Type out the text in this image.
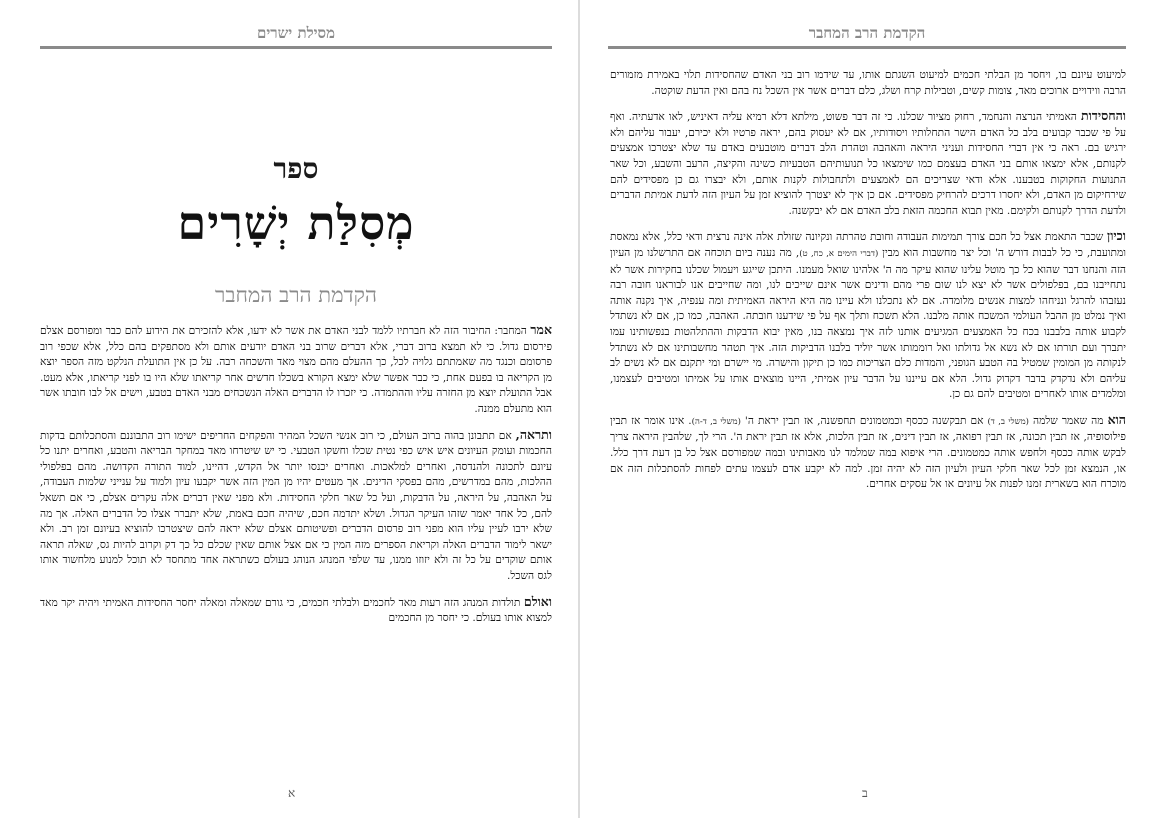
מסילת ישרים
ספר
מְסִלַּת יְשָׁרִים
הקדמת הרב המחבר

אמר המחבר: החיבור הזה לא חברתיו ללמד לבני האדם את אשר לא ידעו, אלא להזכירם את הידוע להם כבר ומפורסם אצלם פירסום גדול. כי לא תמצא ברוב דברי, אלא דברים שרוב בני האדם יודעים אותם ולא מסתפקים בהם כלל, אלא שכפי רוב פרסומם וכנגד מה שאמתתם גלויה לכל, כך ההעלם מהם מצוי מאד והשכחה רבה. על כן אין התועלת הנלקט מזה הספר יוצא מן הקריאה בו בפעם אחת, כי כבר אפשר שלא ימצא הקורא בשכלו חדשים אחר קריאתו שלא היו בו לפני קריאתו, אלא מעט. אבל התועלת יוצא מן החזרה עליו וההתמדה. כי יזכרו לו הדברים האלה הנשכחים מבני האדם בטבע, וישים אל לבו חובתו אשר הוא מתעלם ממנה.

ותראה, אם תתבונן בהוה ברוב העולם, כי רוב אנשי השכל המהיר והפקחים החריפים ישימו רוב התבוננם והסתכלותם בדקות החכמות ועומק העיונים איש איש כפי נטית שכלו וחשקו הטבעי. כי יש שיטרחו מאד במחקר הבריאה והטבע, ואחרים יתנו כל עיונם לתכונה ולהנדסה, ואחרים למלאכות. ואחרים יכנסו יותר אל הקדש, דהיינו, למוד התורה הקדושה. מהם בפלפולי ההלכות, מהם במדרשים, מהם בפסקי הדינים. אך מעטים יהיו מן המין הזה אשר יקבעו עיון ולמוד על ענייני שלמות העבודה, על האהבה, על היראה, על הדבקות, ועל כל שאר חלקי החסידות. ולא מפני שאין דברים אלה עקרים אצלם, כי אם תשאל להם, כל אחד יאמר שזהו העיקר הגדול. ושלא יתדמה חכם, שיהיה חכם באמת, שלא יתברר אצלו כל הדברים האלה. אך מה שלא ירבו לעיין עליו הוא מפני רוב פרסום הדברים ופשיטותם אצלם שלא יראה להם שיצטרכו להוציא בעיונם זמן רב. ולא ישאר לימוד הדברים האלה וקריאת הספרים מזה המין כי אם אצל אותם שאין שכלם כל כך דק וקרוב להיות גס, שאלה תראה אותם שוקדים על כל זה ולא יזוזו ממנו, עד שלפי המנהג הנוהג בעולם כשתראה אחד מתחסד לא תוכל למנוע מלחשוד אותו לגס השכל.

ואולם תולדות המנהג הזה רעות מאד לחכמים ולבלתי חכמים, כי גורם שמאלה ומאלה יחסר החסידות האמיתי ויהיה יקר מאד למצוא אותו בעולם. כי יחסר מן החכמים

א
הקדמת הרב המחבר

למיעוט עיונם בו, ויחסר מן הבלתי חכמים למיעוט השגתם אותו, עד שידמו רוב בני האדם שהחסידות תלוי באמירת מזמורים הרבה ווידויים ארוכים מאד, צומות קשים, וטבילות קרח ושלג, כלם דברים אשר אין השכל נח בהם ואין הדעת שוקטה.

והחסידות האמיתי הנרצה והנחמד, רחוק מציור שכלנו. כי זה דבר פשוט, מילתא דלא רמיא עליה דאיניש, לאו אדעתיה. ואף על פי שכבר קבועים בלב כל האדם הישר התחלותיו ויסודותיו, אם לא יעסוק בהם, יראה פרטיו ולא יכירם, יעבור עליהם ולא ירגיש בם. ראה כי אין דברי החסידות ועניני היראה והאהבה וטהרת הלב דברים מוטבעים באדם עד שלא יצטרכו אמצעים לקנותם, אלא ימצאו אותם בני האדם בעצמם כמו שימצאו כל תנועותיהם הטבעיות כשינה והקיצה, הרעב והשבע, וכל שאר התנועות החקוקות בטבענו. אלא ודאי שצריכים הם לאמצעים ולתחבולות לקנות אותם, ולא יבצרו גם כן מפסידים להם שירחיקום מן האדם, ולא יחסרו דרכים להרחיק מפסידים. אם כן איך לא יצטרך להוציא זמן על העיון הזה לדעת אמיתת הדברים ולדעת הדרך לקנותם ולקימם. מאין תבוא החכמה הזאת בלב האדם אם לא יבקשנה.

וכיון שכבר התאמת אצל כל חכם צורך תמימות העבודה וחובת טהרתה ונקיונה שזולת אלה אינה נרצית ודאי כלל, אלא נמאסת ומתועבת, כי כל לבבות דורש ה' וכל יצר מחשבות הוא מבין (דברי הימים א, כח, ט), מה נענה ביום תוכחה אם התרשלנו מן העיון הזה והנחנו דבר שהוא כל כך מוטל עלינו שהוא עיקר מה ה' אלהינו שואל מעמנו. היתכן שייגע ויעמול שכלנו בחקירות אשר לא נתחייבנו בם, בפלפולים אשר לא יצא לנו שום פרי מהם ודינים אשר אינם שייכים לנו, ומה שחייבים אנו לבוראנו חובה רבה נעזבהו להרגל ונניחהו למצות אנשים מלומדה. אם לא נתכלנו ולא עיינו מה היא היראה האמיתית ומה ענפיה, איך נקנה אותה ואיך נמלט מן ההבל העולמי המשכח אותה מלבנו. הלא תשכח ותלך אף על פי שידענו חובתה. האהבה, כמו כן, אם לא נשתדל לקבוע אותה בלבבנו בכח כל האמצעים המגיעים אותנו לזה איך נמצאה בנו, מאין יבוא הדבקות וההתלהטות בנפשותינו עמו יתברך ועם תורתו אם לא נשא אל גדולתו ואל רוממותו אשר יוליד בלבנו הדביקות הזה. איך תטהר מחשבותינו אם לא נשתדל לנקותה מן המומין שמטיל בה הטבע הגופני, והמדות כלם הצריכות כמו כן תיקון והישרה. מי יישרם ומי יתקנם אם לא נשים לב עליהם ולא נדקדק בדבר דקדוק גדול. הלא אם עייננו על הדבר עיון אמיתי, היינו מוצאים אותו על אמיתו ומטיבים לעצמנו, ומלמדים אותו לאחרים ומטיבים להם גם כן.

הוא מה שאמר שלמה (משלי ב, ד) אם תבקשנה ככסף וכמטמונים תחפשנה, אז תבין יראת ה' (משלי ב, ד-ה). אינו אומר אז תבין פילוסופיה, אז תבין תכונה, אז תבין רפואה, אז תבין דינים, אז תבין הלכות, אלא אז תבין יראת ה'. הרי לך, שלהבין היראה צריך לבקש אותה ככסף ולחפש אותה כמטמונים. הרי איפוא במה שמלמד לנו מאבותינו ובמה שמפורסם אצל כל בן דעת דרך כלל. או, הנמצא זמן לכל שאר חלקי העיון ולעיון הזה לא יהיה זמן. למה לא יקבע אדם לעצמו עתים לפחות להסתכלות הזה אם מוכרח הוא בשארית זמנו לפנות אל עיונים או אל עסקים אחרים.

ב
